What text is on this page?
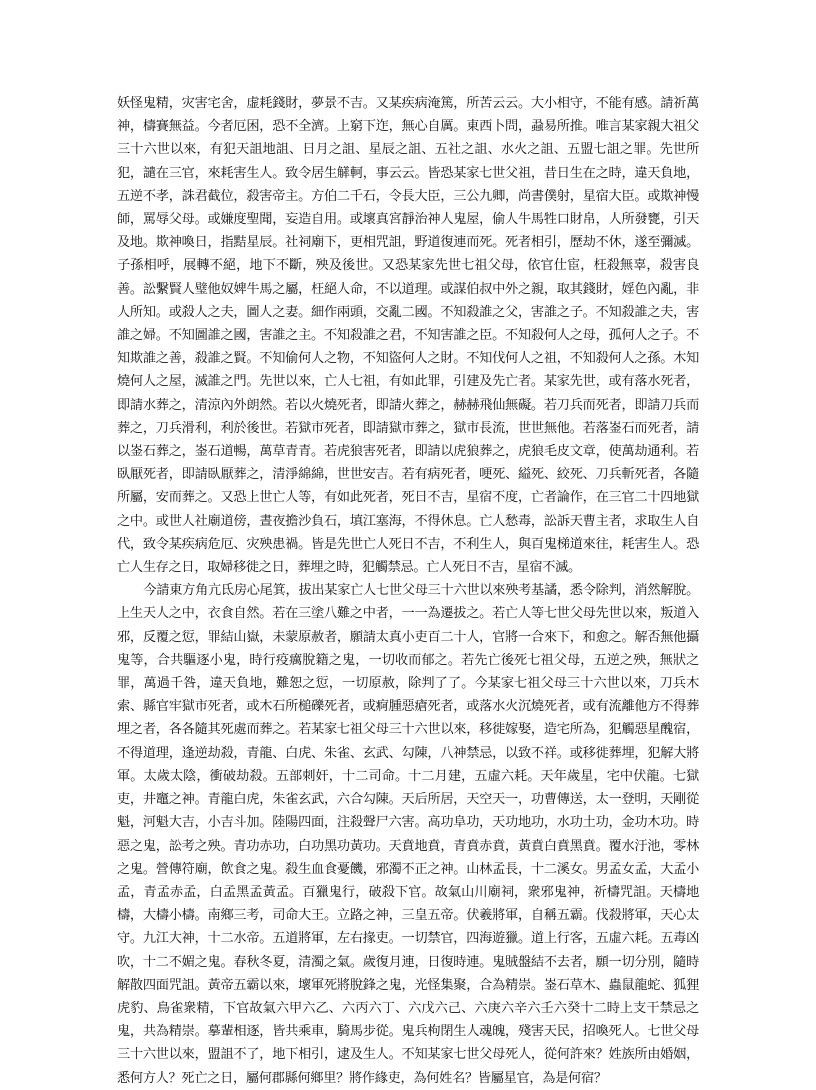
妖怪鬼精，灾害宅舍，虚耗錢財，夢景不吉。又某疾病淹篤，所苦云云。大小相守，不能有感。請祈萬神，檮賽無益。今者厄困，恐不全濟。上窮下迮，無心自厲。東西卜問，蝨易所推。唯言某家親大祖父三十六世以來，有犯天詛地詛、日月之詛、星辰之詛、五社之詛、水火之詛、五盟七詛之罪。先世所犯，譴在三官，來耗害生人。致令居生觲軻，事云云。皆恐某家七世父祖，昔日生在之時，違天負地，五逆不孝，誅君截位，殺害帝主。方伯二千石，令長大臣，三公九卿，尚書僕射，星宿大臣。或欺神慢師，罵辱父母。或嫌度聖聞，妄造自用。或壞真宮靜治神人鬼屋，偷人牛馬牲口財帛，人所發甕，引天及地。欺神喚日，指黠星辰。社祠廟下，更相咒詛，野道復連而死。死者相引，歷劫不休，遂至彌滅。子孫相呼，展轉不絕，地下不斷，殃及後世。又恐某家先世七祖父母，依官仕宦，枉殺無辜，殺害良善。訟繫賢人璧他奴婢牛馬之屬，枉絕人命，不以道理。或謀伯叔中外之親，取其錢財，婬色內亂，非人所知。或殺人之夫，圖人之妻。細作兩頭，交亂二國。不知殺誰之父，害誰之子。不知殺誰之夫，害誰之婦。不知圖誰之國，害誰之主。不知殺誰之君，不知害誰之臣。不知殺何人之母，孤何人之子。不知欺誰之善，殺誰之賢。不知偷何人之物，不知盜何人之財。不知伐何人之祖，不知殺何人之孫。木知燒何人之屋，滅誰之門。先世以來，亡人七祖，有如此罪，引建及先亡者。某家先世，或有落水死者，即請水葬之，清涼內外朗然。若以火燒死者，即請火葬之，赫赫飛仙無礙。若刀兵而死者，即請刀兵而葬之，刀兵滑利，利於後世。若獄市死者，即請獄市葬之，獄市長流，世世無他。若落崟石而死者，請以崟石葬之，崟石道暢，萬草青青。若虎狼害死者，即請以虎狼葬之，虎狼毛皮文章，使萬劫通利。若臥厭死者，即請臥厭葬之，清淨綿綿，世世安吉。若有病死者，哽死、縊死、絞死、刀兵斬死者，各隨所屬，安而葬之。又恐上世亡人等，有如此死者，死日不吉，星宿不度，亡者論作，在三官二十四地獄之中。或世人社廟道傍，晝夜擔沙負石，填江塞海，不得休息。亡人愁毒，訟訴天曹主者，求取生人自代，致令某疾病危厄、灾殃患禍。皆是先世亡人死日不吉，不利生人，與百鬼梯道來往，耗害生人。恐亡人生存之日，取婦移徙之日，葬埋之時，犯觸禁忌。亡人死日不吉，星宿不滅。

今請東方角亢氐房心尾箕，拔出某家亡人七世父母三十六世以來殃考基譎，悉令除判，消然解脫。上生天人之中，衣食自然。若在三塗八難之中者，一一為遷拔之。若亡人等七世父母先世以來，叛道入邪，反覆之愆，罪結山嶽，未蒙原赦者，願請太真小吏百二十人，官將一合來下，和愈之。解否無他攝鬼等，合共驅逐小鬼，時行疫癘脫籍之鬼，一切收而郁之。若先亡後死七祖父母，五逆之殃，無狀之罪，萬過千咎，違天負地，難恕之愆，一切原赦，除判了了。今某家七祖父母三十六世以來，刀兵木索、縣官牢獄市死者，或木石所槌礫死者，或痾腫惡瘡死者，或落水火沉燒死者，或有流離他方不得葬埋之者，各各隨其死處而葬之。若某家七祖父母三十六世以來，移徙嫁娶，造宅所為，犯觸惡星醜宿，不得道理，逢逆劫殺，青龍、白虎、朱雀、玄武、勾陳，八神禁忌，以致不祥。或移徙葬埋，犯解大將軍。太歲太陰，衝破劫殺。五部刺奸，十二司命。十二月建，五虛六耗。天年歲星，宅中伏龍。七獄吏，井竈之神。青龍白虎，朱雀玄武，六合勾陳。天后所居，天空天一，功曹傳送，太一登明，天剛從魁，河魁大吉，小吉斗加。陸陽四面，注殺聲尸六害。高功阜功，天功地功，水功土功，金功木功。時惡之鬼，訟考之殃。青功赤功，白功黑功黃功。天賁地賁，青賁赤賁，黃賁白賁黑賁。覆水汙池，零林之鬼。營傳符廟，飲食之鬼。殺生血食憂饑，邪濁不正之神。山林孟長，十二溪女。男孟女孟，大孟小孟，青孟赤孟，白孟黑孟黃孟。百獵鬼行，破殺下官。故氣山川廟祠，衆邪鬼神，祈檮咒詛。天檮地檮，大檮小檮。南鄉三考，司命大王。立路之神，三皇五帝。伏羲將軍，自稱五霸。伐殺將軍，天心太守。九江大神，十二水帝。五道將軍，左右掾吏。一切禁官，四海遊獵。道上行客，五虛六耗。五毒凶吹，十二不媚之鬼。春秋冬夏，清濁之氣。歲復月連，日復時連。鬼賊盤結不去者，願一切分別，隨時解散四面咒詛。黃帝五霸以來，壞軍死將脫鋒之鬼，光怪集聚，合為精崇。崟石草木、蟲鼠龍蛇、狐狸虎豹、鳥雀衆精，下官故氣六甲六乙、六丙六丁、六戊六己、六庚六辛六壬六癸十二時上支干禁忌之鬼，共為精崇。摹輩相逐，皆共乘車，騎馬步從。鬼兵枸閉生人魂魄，殘害天民，招喚死人。七世父母三十六世以來，盟詛不了，地下相引，逮及生人。不知某家七世父母死人，從何許來？姓族所由婚姻，悉何方人？死亡之日，屬何郡縣何鄉里？將作緣吏，為何姓名？皆屬星官，為是何宿？
